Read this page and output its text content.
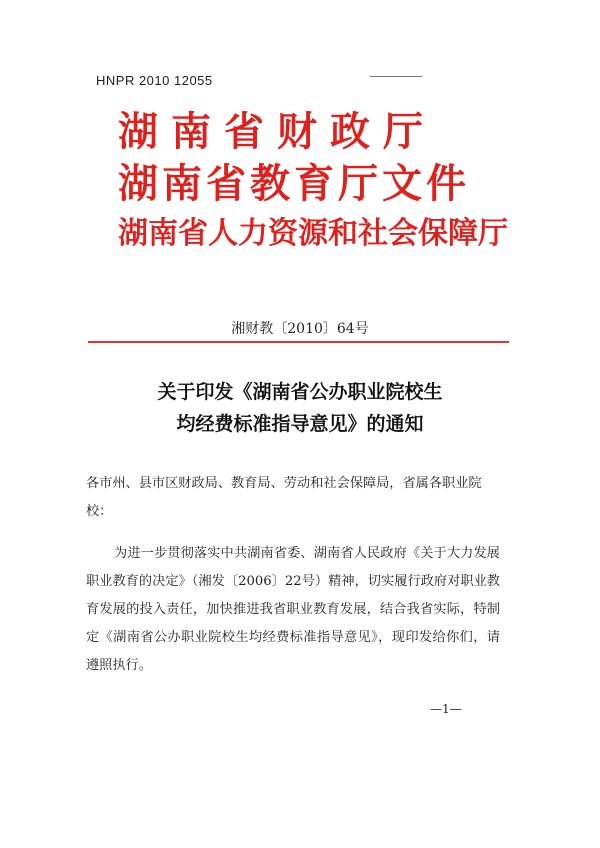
HNPR 2010 12055
湖南省财政厅
湖南省教育厅文件
湖南省人力资源和社会保障厅
湘财教〔2010〕64号
关于印发《湖南省公办职业院校生
均经费标准指导意见》的通知

各市州、县市区财政局、教育局、劳动和社会保障局，省属各职业院校：

为进一步贯彻落实中共湖南省委、湖南省人民政府《关于大力发展职业教育的决定》（湘发〔2006〕22号）精神，切实履行政府对职业教育发展的投入责任，加快推进我省职业教育发展，结合我省实际，特制定《湖南省公办职业院校生均经费标准指导意见》，现印发给你们，请遵照执行。

—1—
